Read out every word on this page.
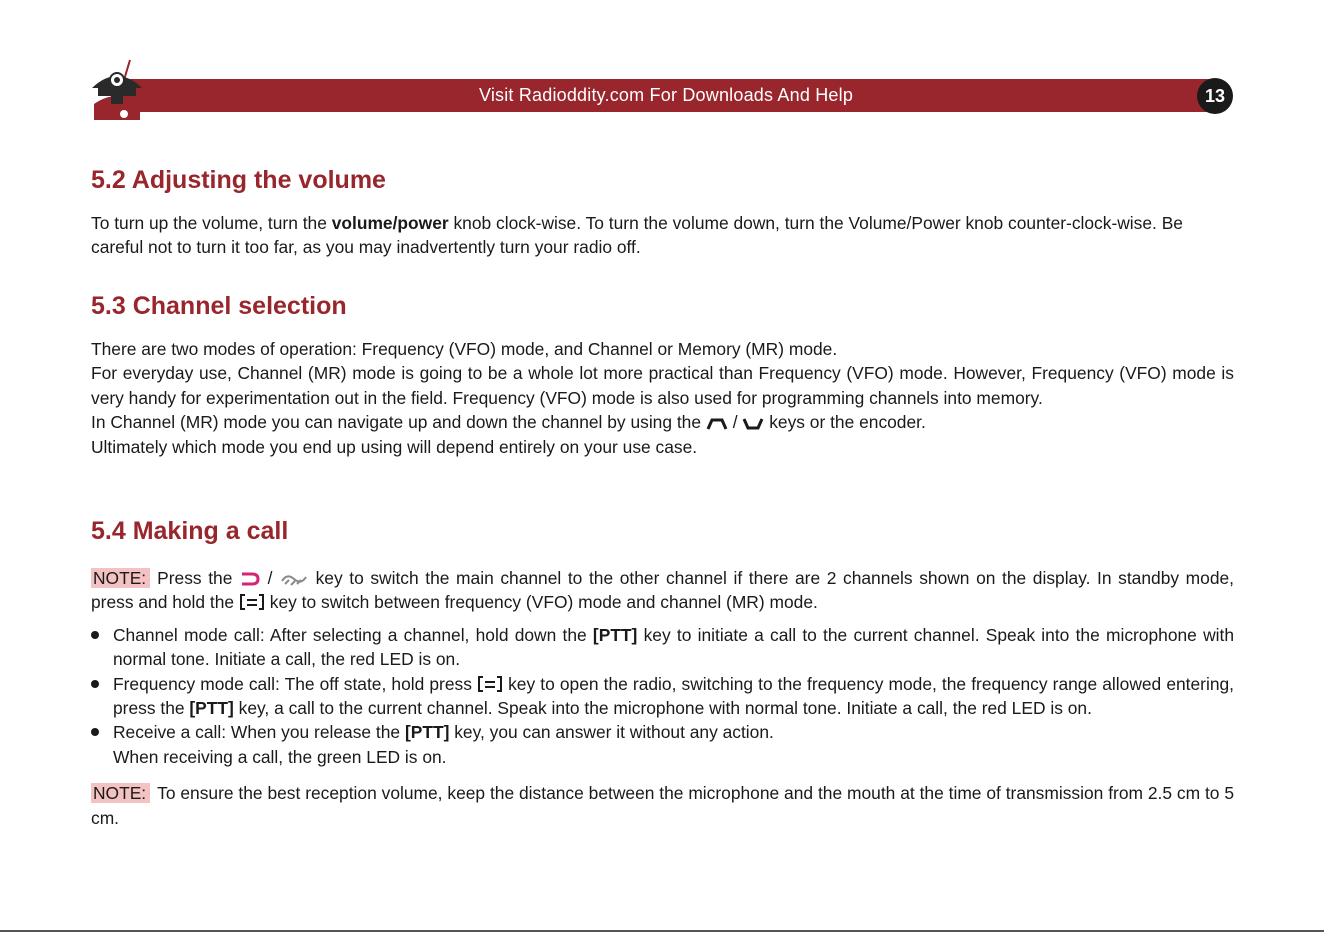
Visit Radioddity.com For Downloads And Help	13
5.2 Adjusting the volume

To turn up the volume, turn the volume/power knob clock-wise. To turn the volume down, turn the Volume/Power knob counter-clock-wise. Be careful not to turn it too far, as you may inadvertently turn your radio off.

5.3 Channel selection

There are two modes of operation: Frequency (VFO) mode, and Channel or Memory (MR) mode.

For everyday use, Channel (MR) mode is going to be a whole lot more practical than Frequency (VFO) mode. However, Frequency (VFO) mode is very handy for experimentation out in the field. Frequency (VFO) mode is also used for programming channels into memory.

In Channel (MR) mode you can navigate up and down the channel by using the  /  keys or the encoder.

Ultimately which mode you end up using will depend entirely on your use case.

5.4 Making a call

NOTE: Press the  /  key to switch the main channel to the other channel if there are 2 channels shown on the display. In standby mode, press and hold the  key to switch between frequency (VFO) mode and channel (MR) mode.

Channel mode call: After selecting a channel, hold down the [PTT] key to initiate a call to the current channel. Speak into the microphone with normal tone. Initiate a call, the red LED is on.
Frequency mode call: The off state, hold press  key to open the radio, switching to the frequency mode, the frequency range allowed entering, press the [PTT] key, a call to the current channel. Speak into the microphone with normal tone. Initiate a call, the red LED is on.
Receive a call: When you release the [PTT] key, you can answer it without any action.
When receiving a call, the green LED is on.

NOTE: To ensure the best reception volume, keep the distance between the microphone and the mouth at the time of transmission from 2.5 cm to 5 cm.
